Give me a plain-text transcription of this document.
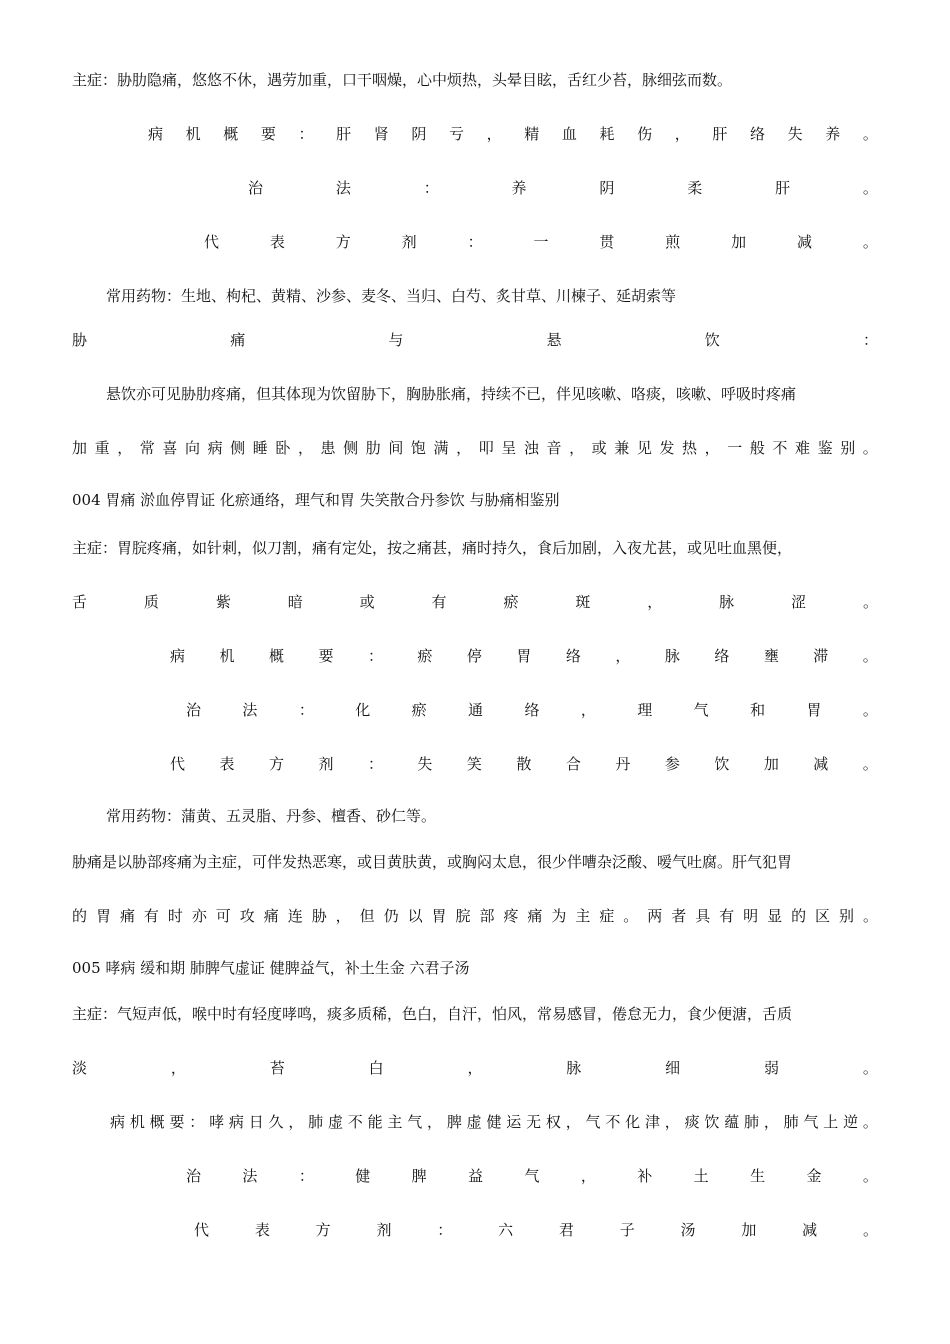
主症：胁肋隐痛，悠悠不休，遇劳加重，口干咽燥，心中烦热，头晕目眩，舌红少苔，脉细弦而数。
病 机 概 要 ： 肝 肾 阴 亏 ， 精 血 耗 伤 ， 肝 络 失 养 。
治	法	：	养	阴	柔	肝	。
代	表	方	剂	：	一	贯	煎	加	减	。
常用药物：生地、枸杞、黄精、沙参、麦冬、当归、白芍、炙甘草、川楝子、延胡索等
胁	痛	与	悬	饮	：
悬饮亦可见胁肋疼痛，但其体现为饮留胁下，胸胁胀痛，持续不已，伴见咳嗽、咯痰，咳嗽、呼吸时疼痛
加 重 ， 常 喜 向 病 侧 睡 卧 ， 患 侧 肋 间 饱 满 ， 叩 呈 浊 音 ， 或 兼 见 发 热 ， 一 般 不 难 鉴 别 。
004 胃痛 淤血停胃证 化瘀通络，理气和胃 失笑散合丹参饮 与胁痛相鉴别
主症：胃脘疼痛，如针刺，似刀割，痛有定处，按之痛甚，痛时持久，食后加剧，入夜尤甚，或见吐血黑便，
舌	质	紫	暗	或	有	瘀	斑	，	脉	涩	。
病 机 概 要 ： 瘀 停 胃 络 ， 脉 络 壅 滞 。
治	法	：	化	瘀	通	络	，	理	气	和	胃	。
代 表 方 剂 ： 失 笑 散 合 丹 参 饮 加 减 。
常用药物：蒲黄、五灵脂、丹参、檀香、砂仁等。
胁痛是以胁部疼痛为主症，可伴发热恶寒，或目黄肤黄，或胸闷太息，很少伴嘈杂泛酸、嗳气吐腐。肝气犯胃
的 胃 痛 有 时 亦 可 攻 痛 连 胁 ， 但 仍 以 胃 脘 部 疼 痛 为 主 症 。 两 者 具 有 明 显 的 区 别 。
005 哮病 缓和期 肺脾气虚证 健脾益气，补土生金 六君子汤
主症：气短声低，喉中时有轻度哮鸣，痰多质稀，色白，自汗，怕风，常易感冒，倦怠无力，食少便溏，舌质
淡	，	苔	白	，	脉	细	弱	。
病 机 概 要 ： 哮 病 日 久 ， 肺 虚 不 能 主 气 ， 脾 虚 健 运 无 权 ， 气 不 化 津 ， 痰 饮 蕴 肺 ， 肺 气 上 逆 。
治	法	：	健	脾	益	气	，	补	土	生	金	。
代	表	方	剂	：	六	君	子	汤	加	减	。
